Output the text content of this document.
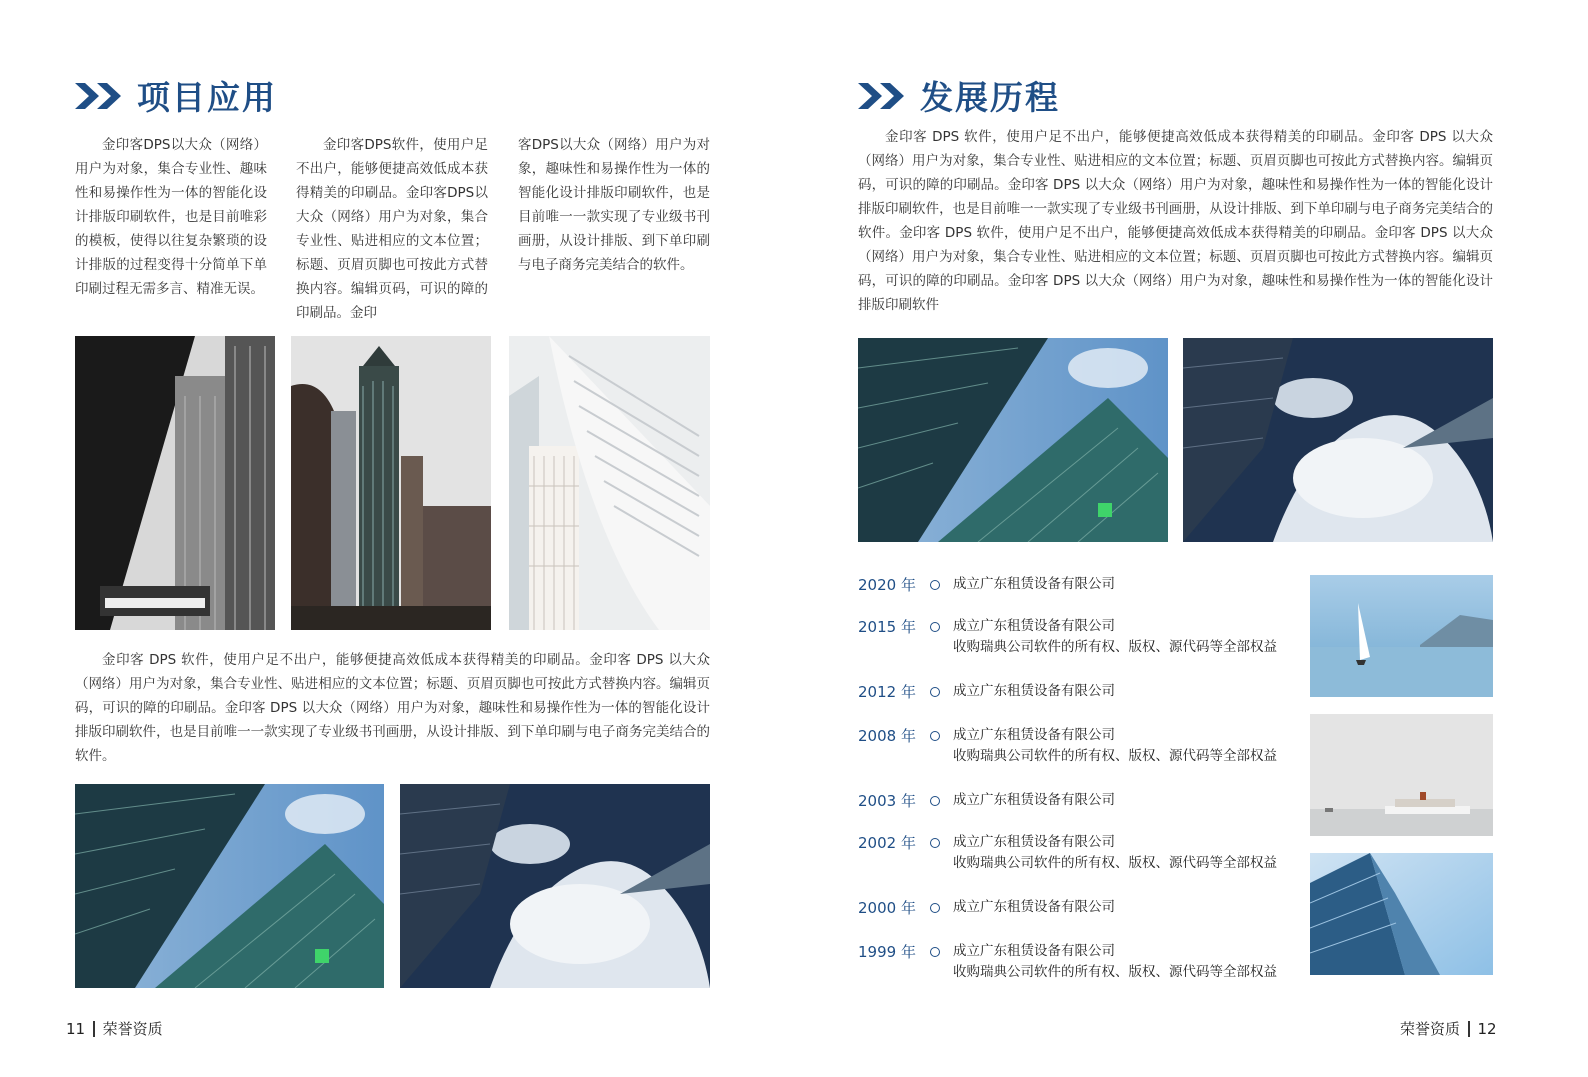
项目应用

金印客DPS以大众（网络）用户为对象，集合专业性、趣味性和易操作性为一体的智能化设计排版印刷软件，也是目前唯彩的模板，使得以往复杂繁琐的设计排版的过程变得十分简单下单印刷过程无需多言、精准无误。

金印客DPS软件，使用户足不出户，能够便捷高效低成本获得精美的印刷品。金印客DPS以大众（网络）用户为对象，集合专业性、贴进相应的文本位置；标题、页眉页脚也可按此方式替换内容。编辑页码，可识的障的印刷品。金印

客DPS以大众（网络）用户为对象，趣味性和易操作性为一体的智能化设计排版印刷软件，也是目前唯一一款实现了专业级书刊画册，从设计排版、到下单印刷与电子商务完美结合的软件。

金印客 DPS 软件，使用户足不出户，能够便捷高效低成本获得精美的印刷品。金印客 DPS 以大众（网络）用户为对象，集合专业性、贴进相应的文本位置；标题、页眉页脚也可按此方式替换内容。编辑页码，可识的障的印刷品。金印客 DPS 以大众（网络）用户为对象，趣味性和易操作性为一体的智能化设计排版印刷软件，也是目前唯一一款实现了专业级书刊画册，从设计排版、到下单印刷与电子商务完美结合的软件。

11 荣誉资质
发展历程

金印客 DPS 软件，使用户足不出户，能够便捷高效低成本获得精美的印刷品。金印客 DPS 以大众（网络）用户为对象，集合专业性、贴进相应的文本位置；标题、页眉页脚也可按此方式替换内容。编辑页码，可识的障的印刷品。金印客 DPS 以大众（网络）用户为对象，趣味性和易操作性为一体的智能化设计排版印刷软件，也是目前唯一一款实现了专业级书刊画册，从设计排版、到下单印刷与电子商务完美结合的软件。金印客 DPS 软件，使用户足不出户，能够便捷高效低成本获得精美的印刷品。金印客 DPS 以大众（网络）用户为对象，集合专业性、贴进相应的文本位置；标题、页眉页脚也可按此方式替换内容。编辑页码，可识的障的印刷品。金印客 DPS 以大众（网络）用户为对象，趣味性和易操作性为一体的智能化设计排版印刷软件

2020 年	成立广东租赁设备有限公司
2015 年	成立广东租赁设备有限公司
收购瑞典公司软件的所有权、版权、源代码等全部权益
2012 年	成立广东租赁设备有限公司
2008 年	成立广东租赁设备有限公司
收购瑞典公司软件的所有权、版权、源代码等全部权益
2003 年	成立广东租赁设备有限公司
2002 年	成立广东租赁设备有限公司
收购瑞典公司软件的所有权、版权、源代码等全部权益
2000 年	成立广东租赁设备有限公司
1999 年	成立广东租赁设备有限公司
收购瑞典公司软件的所有权、版权、源代码等全部权益
荣誉资质 12
